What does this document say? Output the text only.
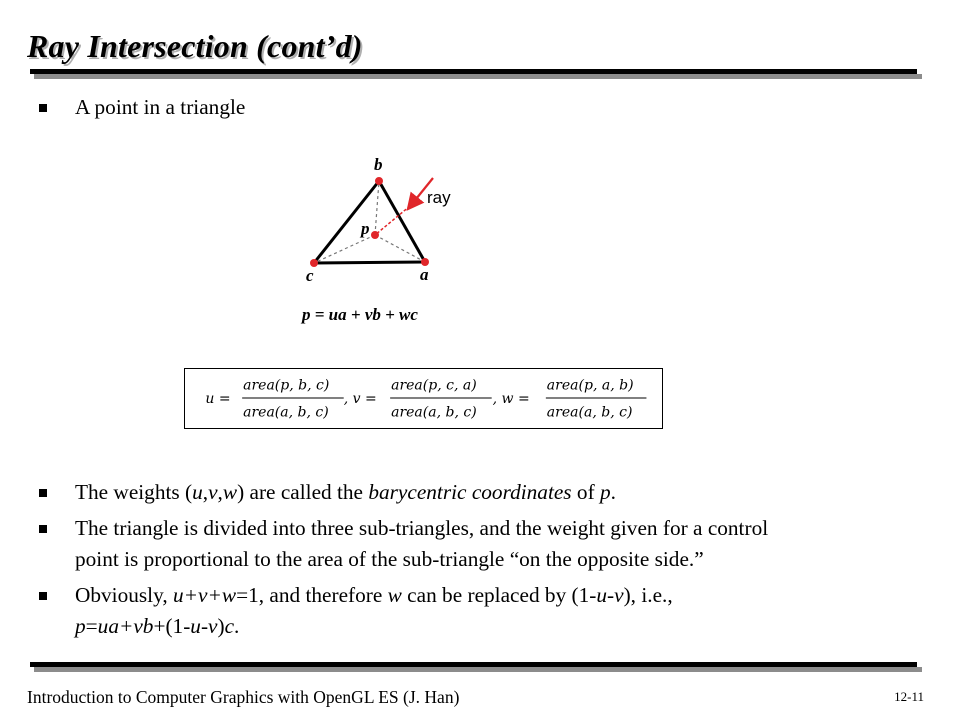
Ray Intersection (cont’d)
A point in a triangle
b
p
c	a
ray
p = ua + vb + wc
u =
area(p, b, c)
area(a, b, c)
, v =
area(p, c, a)
area(a, b, c)
, w =
area(p, a, b)
area(a, b, c)
The weights (u,v,w) are called the barycentric coordinates of p.
The triangle is divided into three sub-triangles, and the weight given for a control
point is proportional to the area of the sub-triangle “on the opposite side.”
Obviously, u+v+w=1, and therefore w can be replaced by (1-u-v), i.e.,
p=ua+vb+(1-u-v)c.
Introduction to Computer Graphics with OpenGL ES (J. Han)	12-11
